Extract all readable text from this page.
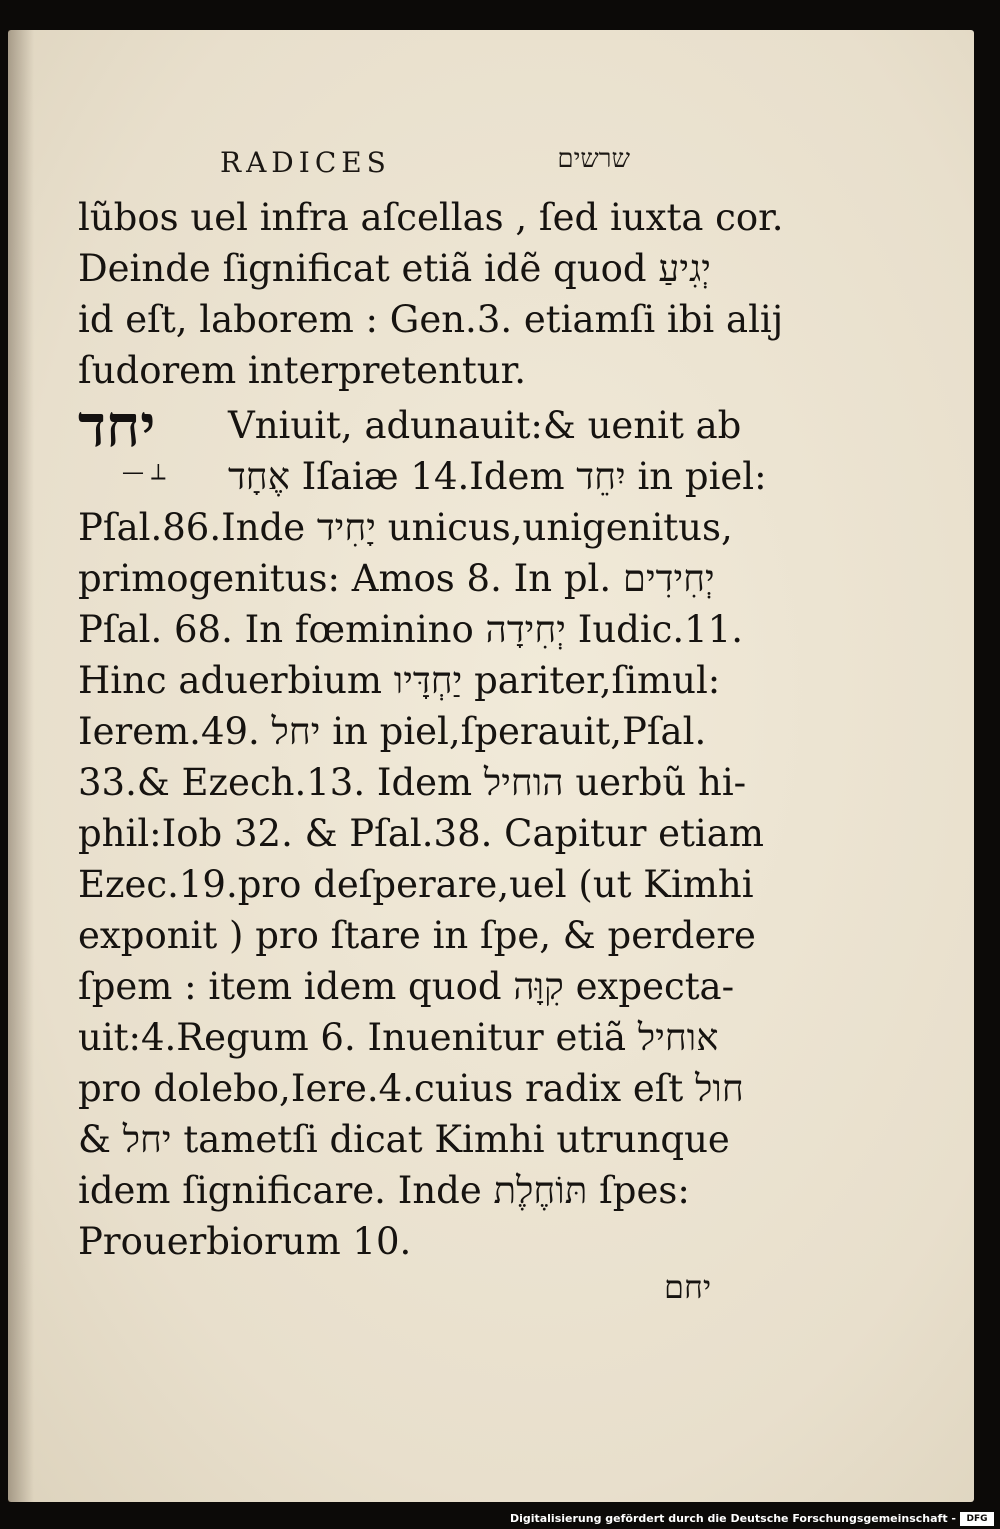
RADICES	שרשים
lũbos uel infra aſcellas , ſed iuxta cor.
Deinde ſignificat etiã idẽ quod יְגִיעַ
id eſt, laborem : Gen.3. etiamſi ibi alij
ſudorem interpretentur.
Vniuit, adunauit:& uenit ab
אֶחָד Iſaiæ 14.Idem יִחֵד in piel:
Pſal.86.Inde יָחִיד unicus,unigenitus,
primogenitus: Amos 8. In pl. יְחִידִים
Pſal. 68. In fœminino יְחִידָה Iudic.11.
Hinc aduerbium יַחְדָּיו pariter,ſimul:
Ierem.49. יחל in piel,ſperauit,Pſal.
33.& Ezech.13. Idem הוחיל uerbũ hi-
phil:Iob 32. & Pſal.38. Capitur etiam
Ezec.19.pro deſperare,uel (ut Kimhi
exponit ) pro ſtare in ſpe, & perdere
ſpem : item idem quod קִוָּה expecta-
uit:4.Regum 6. Inuenitur etiã אוחיל
pro dolebo,Iere.4.cuius radix eſt חול
& יחל tametſi dicat Kimhi utrunque
idem ſignificare. Inde תּוֹחֶלֶת ſpes:
Prouerbiorum 10.
יחד
— ⟂
יחם
Digitalisierung gefördert durch die Deutsche Forschungsgemeinschaft -	DFG
